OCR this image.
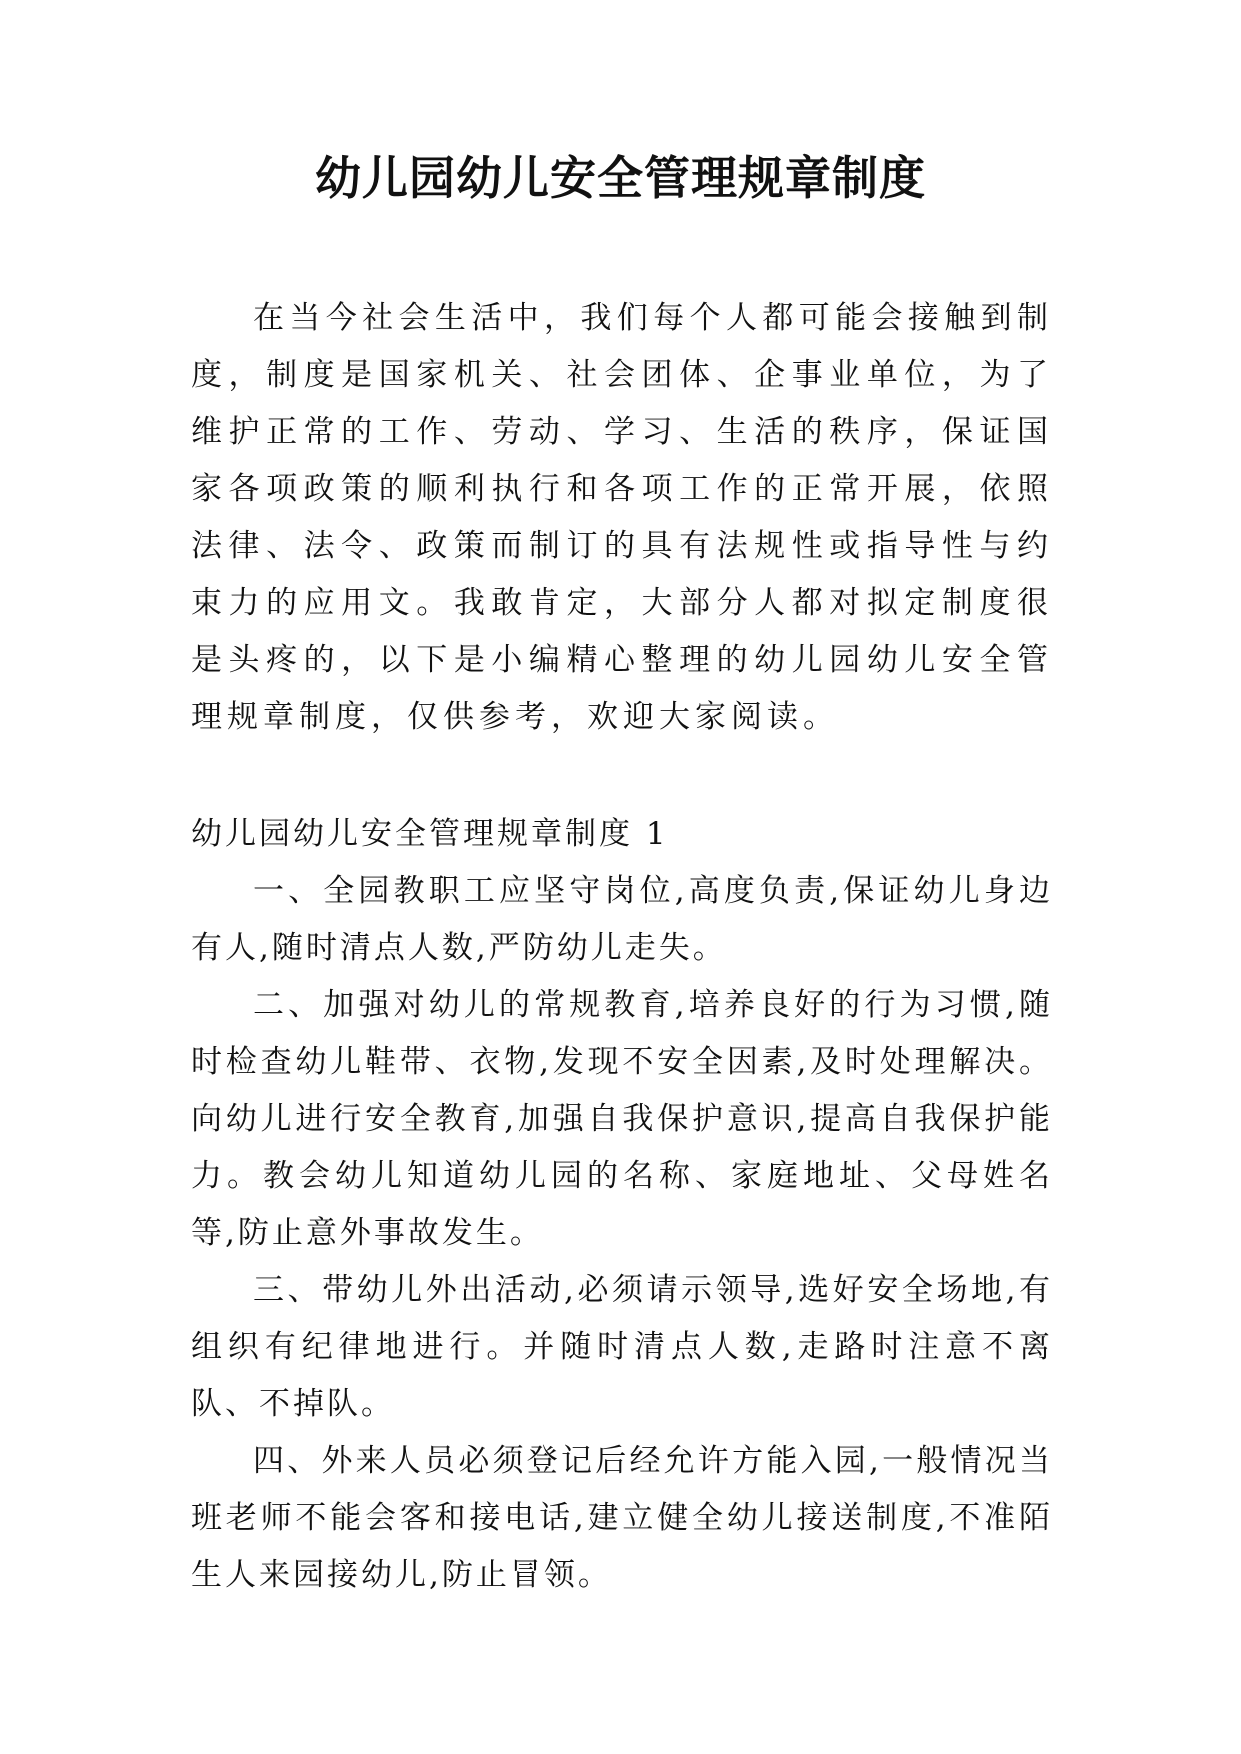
幼儿园幼儿安全管理规章制度

在当今社会生活中，我们每个人都可能会接触到制度，制度是国家机关、社会团体、企事业单位，为了维护正常的工作、劳动、学习、生活的秩序，保证国家各项政策的顺利执行和各项工作的正常开展，依照法律、法令、政策而制订的具有法规性或指导性与约束力的应用文。我敢肯定，大部分人都对拟定制度很是头疼的，以下是小编精心整理的幼儿园幼儿安全管理规章制度，仅供参考，欢迎大家阅读。

幼儿园幼儿安全管理规章制度 1

一、全园教职工应坚守岗位,高度负责,保证幼儿身边有人,随时清点人数,严防幼儿走失。

二、加强对幼儿的常规教育,培养良好的行为习惯,随时检查幼儿鞋带、衣物,发现不安全因素,及时处理解决。向幼儿进行安全教育,加强自我保护意识,提高自我保护能力。教会幼儿知道幼儿园的名称、家庭地址、父母姓名等,防止意外事故发生。

三、带幼儿外出活动,必须请示领导,选好安全场地,有组织有纪律地进行。并随时清点人数,走路时注意不离队、不掉队。

四、外来人员必须登记后经允许方能入园,一般情况当班老师不能会客和接电话,建立健全幼儿接送制度,不准陌生人来园接幼儿,防止冒领。
